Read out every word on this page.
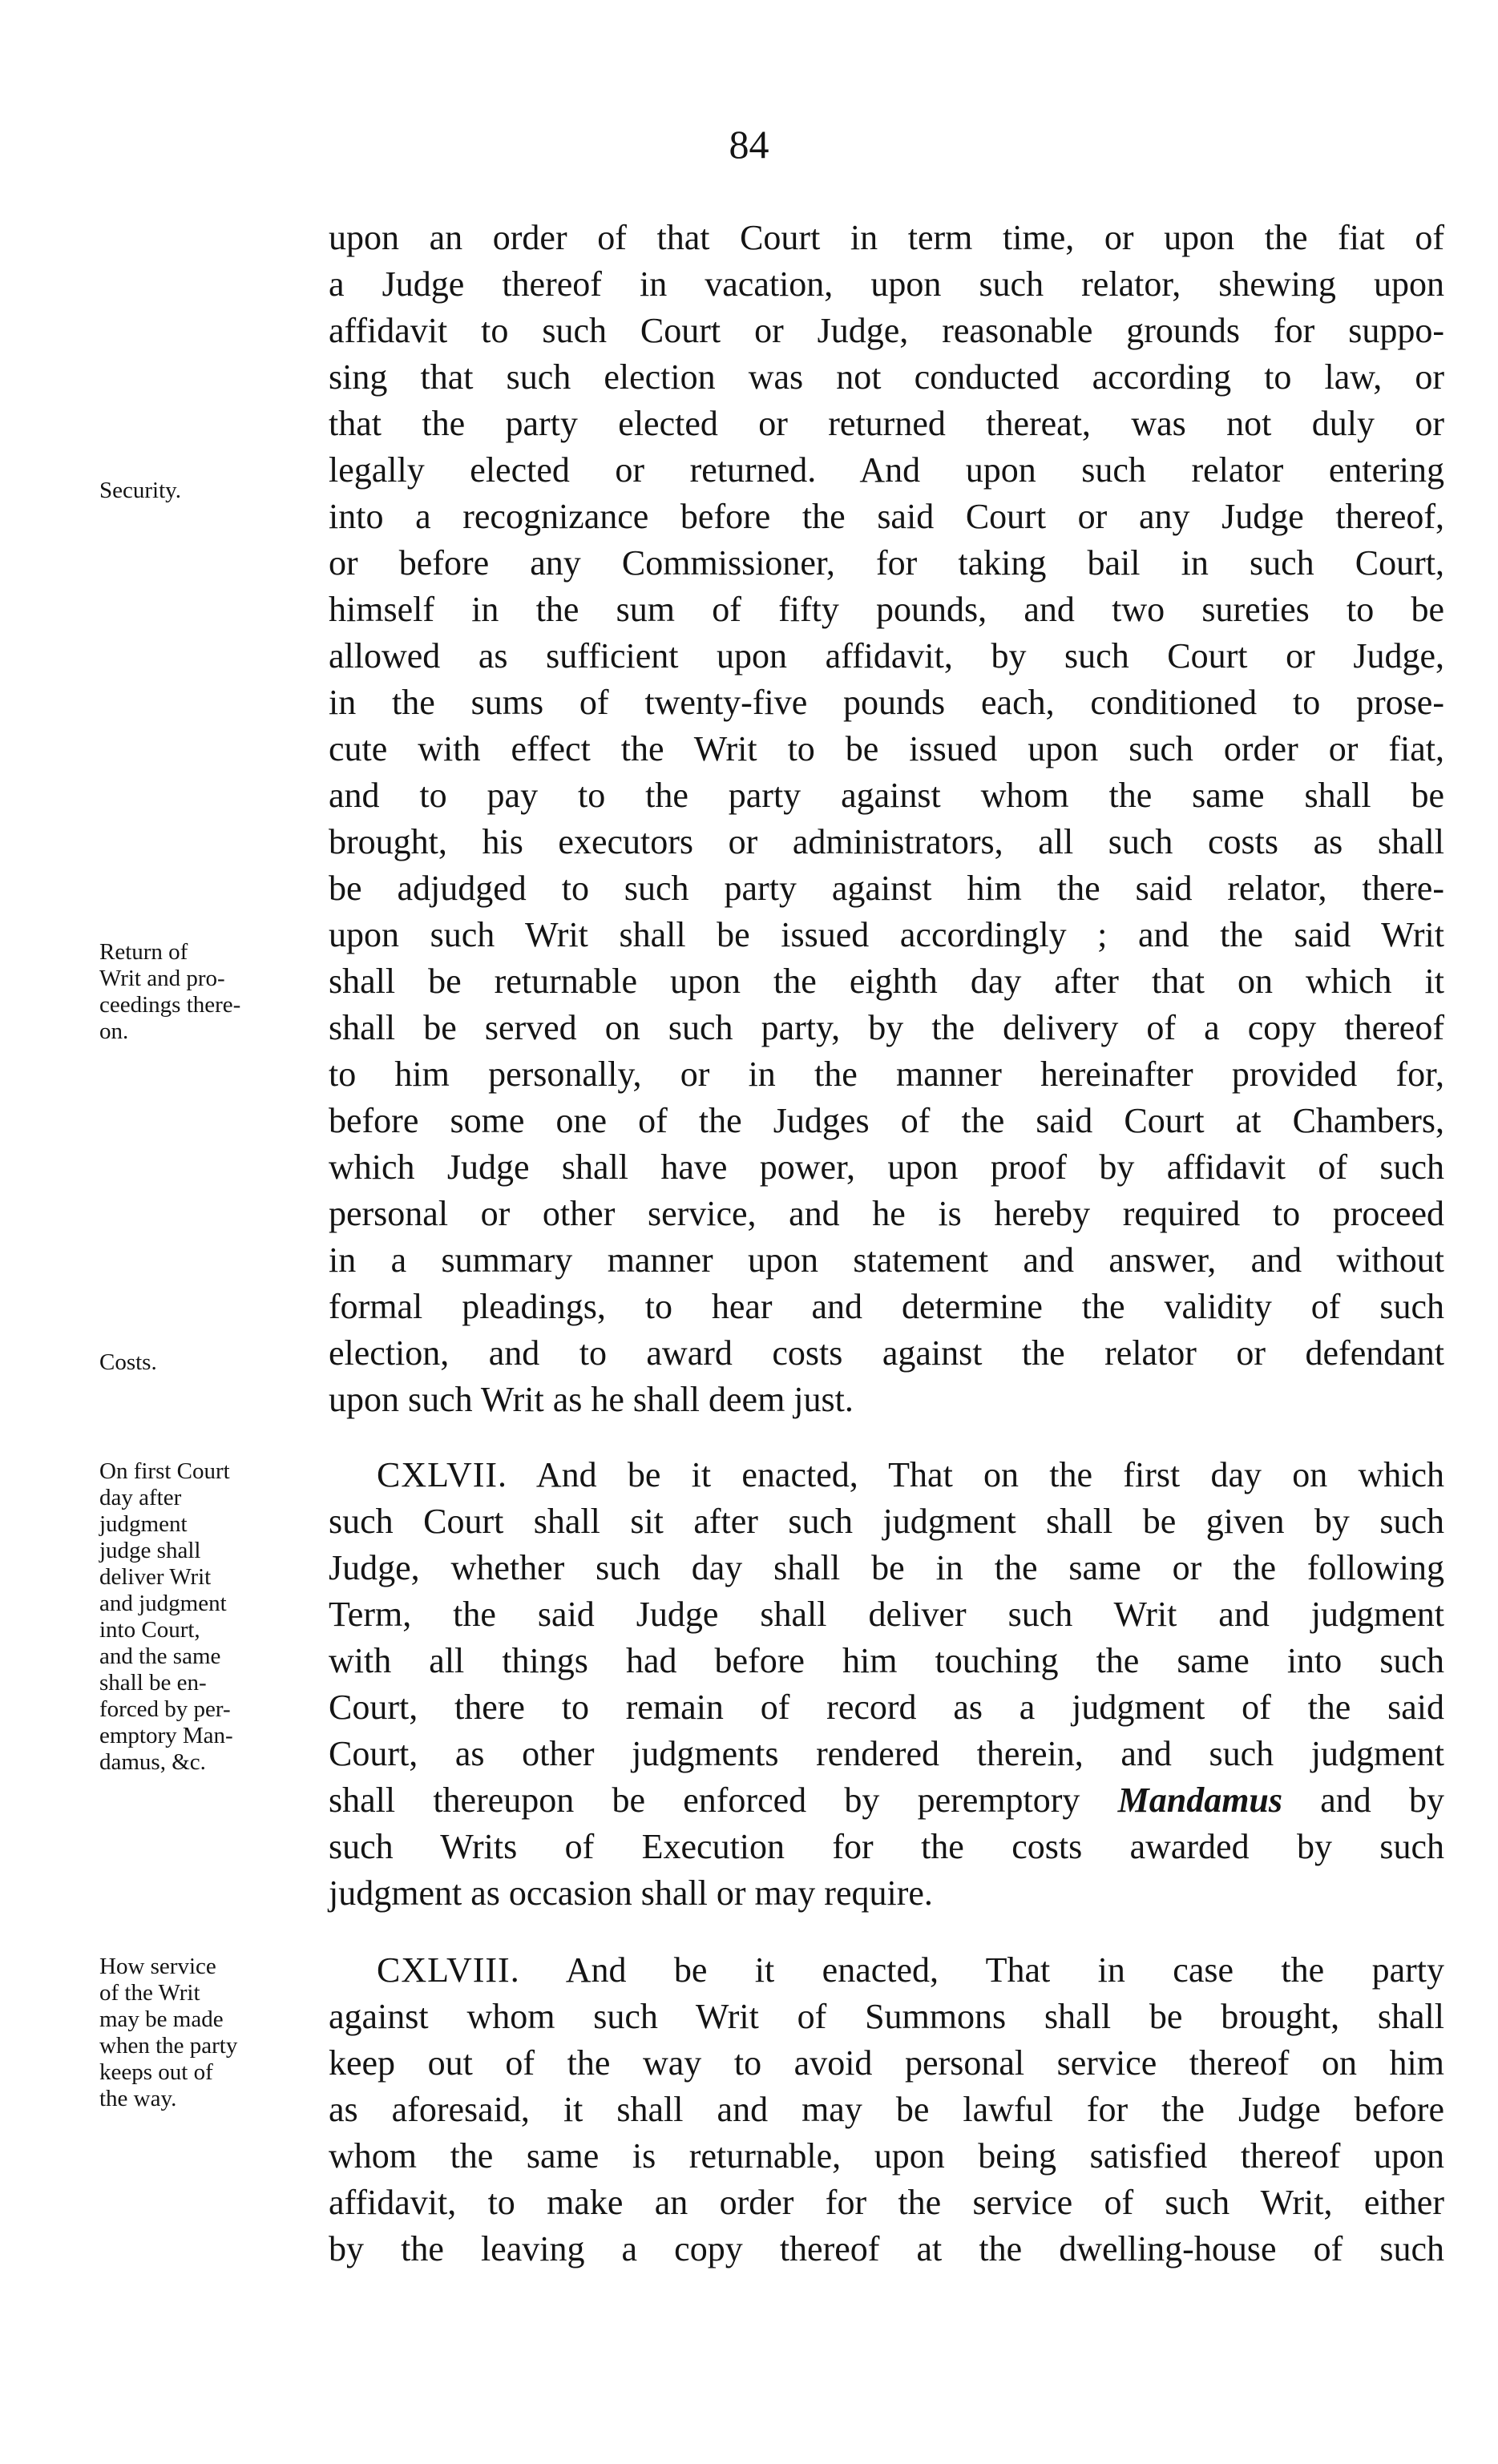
84
upon an order of that Court in term time, or upon the fiat of
a Judge thereof in vacation, upon such relator, shewing upon
affidavit to such Court or Judge, reasonable grounds for suppo-
sing that such election was not conducted according to law, or
that the party elected or returned thereat, was not duly or
legally elected or returned. And upon such relator entering
into a recognizance before the said Court or any Judge thereof,
or before any Commissioner, for taking bail in such Court,
himself in the sum of fifty pounds, and two sureties to be
allowed as sufficient upon affidavit, by such Court or Judge,
in the sums of twenty-five pounds each, conditioned to prose-
cute with effect the Writ to be issued upon such order or fiat,
and to pay to the party against whom the same shall be
brought, his executors or administrators, all such costs as shall
be adjudged to such party against him the said relator, there-
upon such Writ shall be issued accordingly ; and the said Writ
shall be returnable upon the eighth day after that on which it
shall be served on such party, by the delivery of a copy thereof
to him personally, or in the manner hereinafter provided for,
before some one of the Judges of the said Court at Chambers,
which Judge shall have power, upon proof by affidavit of such
personal or other service, and he is hereby required to proceed
in a summary manner upon statement and answer, and without
formal pleadings, to hear and determine the validity of such
election, and to award costs against the relator or defendant
upon such Writ as he shall deem just.
CXLVII. And be it enacted, That on the first day on which
such Court shall sit after such judgment shall be given by such
Judge, whether such day shall be in the same or the following
Term, the said Judge shall deliver such Writ and judgment
with all things had before him touching the same into such
Court, there to remain of record as a judgment of the said
Court, as other judgments rendered therein, and such judgment
shall thereupon be enforced by peremptory Mandamus and by
such Writs of Execution for the costs awarded by such
judgment as occasion shall or may require.
CXLVIII. And be it enacted, That in case the party
against whom such Writ of Summons shall be brought, shall
keep out of the way to avoid personal service thereof on him
as aforesaid, it shall and may be lawful for the Judge before
whom the same is returnable, upon being satisfied thereof upon
affidavit, to make an order for the service of such Writ, either
by the leaving a copy thereof at the dwelling-house of such
Security.
Return of
Writ and pro-
ceedings there-
on.
Costs.
On first Court
day after
judgment
judge shall
deliver Writ
and judgment
into Court,
and the same
shall be en-
forced by per-
emptory Man-
damus, &c.
How service
of the Writ
may be made
when the party
keeps out of
the way.
